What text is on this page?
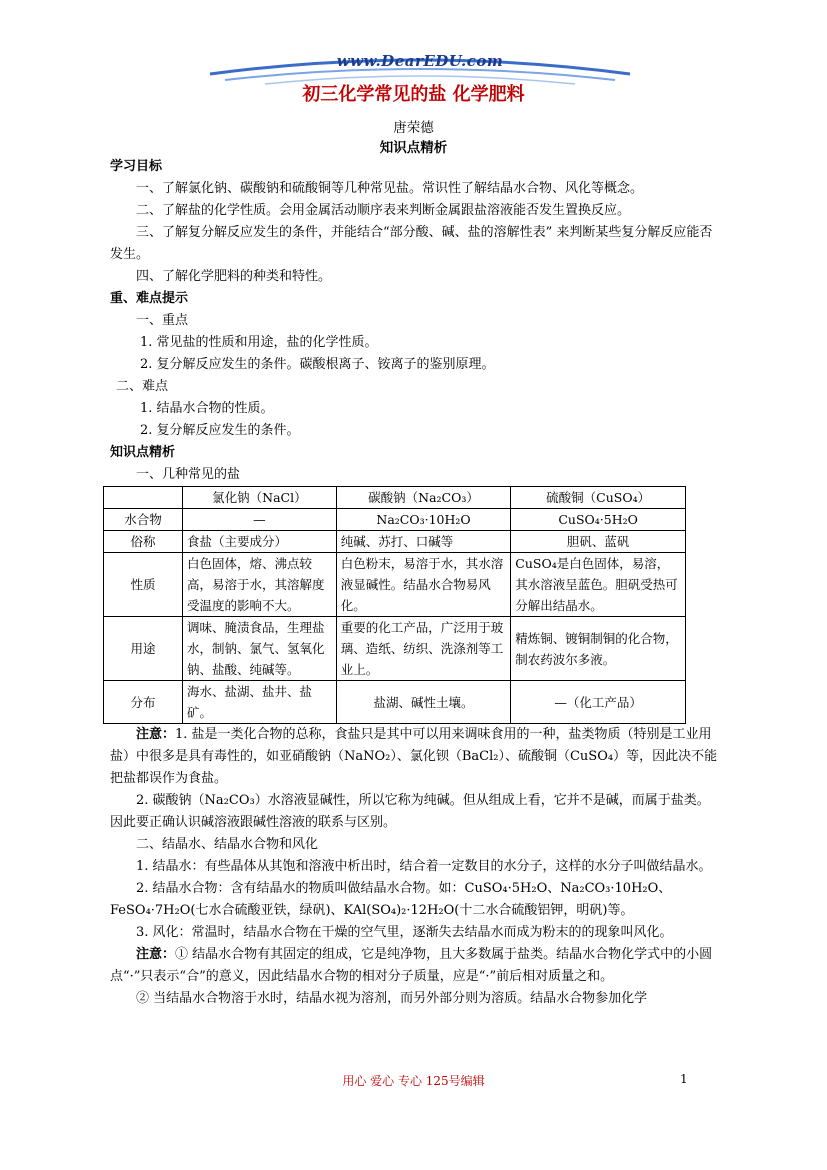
www.DearEDU.com
初三化学常见的盐 化学肥料
唐荣德
知识点精析

学习目标

一、了解氯化钠、碳酸钠和硫酸铜等几种常见盐。常识性了解结晶水合物、风化等概念。

二、了解盐的化学性质。会用金属活动顺序表来判断金属跟盐溶液能否发生置换反应。

三、了解复分解反应发生的条件，并能结合“部分酸、碱、盐的溶解性表” 来判断某些复分解反应能否发生。

四、了解化学肥料的种类和特性。

重、难点提示

一、重点

1. 常见盐的性质和用途，盐的化学性质。

2. 复分解反应发生的条件。碳酸根离子、铵离子的鉴别原理。

二、难点

1. 结晶水合物的性质。

2. 复分解反应发生的条件。

知识点精析

一、几种常见的盐

	氯化钠（NaCl）	碳酸钠（Na₂CO₃）	硫酸铜（CuSO₄）
水合物	—	Na₂CO₃·10H₂O	CuSO₄·5H₂O
俗称	食盐（主要成分）	纯碱、苏打、口碱等	胆矾、蓝矾
性质	白色固体，熔、沸点较高，易溶于水，其溶解度受温度的影响不大。	白色粉末，易溶于水，其水溶液显碱性。结晶水合物易风化。	CuSO₄是白色固体，易溶，其水溶液呈蓝色。胆矾受热可分解出结晶水。
用途	调味、腌渍食品，生理盐水，制钠、氯气、氢氧化钠、盐酸、纯碱等。	重要的化工产品，广泛用于玻璃、造纸、纺织、洗涤剂等工业上。	精炼铜、镀铜制铜的化合物，制农药波尔多液。
分布	海水、盐湖、盐井、盐矿。	盐湖、碱性土壤。	—（化工产品）

注意：1. 盐是一类化合物的总称，食盐只是其中可以用来调味食用的一种，盐类物质（特别是工业用盐）中很多是具有毒性的，如亚硝酸钠（NaNO₂）、氯化钡（BaCl₂）、硫酸铜（CuSO₄）等，因此决不能把盐都误作为食盐。

2. 碳酸钠（Na₂CO₃）水溶液显碱性，所以它称为纯碱。但从组成上看，它并不是碱，而属于盐类。因此要正确认识碱溶液跟碱性溶液的联系与区别。

二、结晶水、结晶水合物和风化

1. 结晶水：有些晶体从其饱和溶液中析出时，结合着一定数目的水分子，这样的水分子叫做结晶水。

2. 结晶水合物：含有结晶水的物质叫做结晶水合物。如：CuSO₄·5H₂O、Na₂CO₃·10H₂O、FeSO₄·7H₂O(七水合硫酸亚铁，绿矾)、KAl(SO₄)₂·12H₂O(十二水合硫酸铝钾，明矾)等。

3. 风化：常温时，结晶水合物在干燥的空气里，逐渐失去结晶水而成为粉末的的现象叫风化。

注意：① 结晶水合物有其固定的组成，它是纯净物，且大多数属于盐类。结晶水合物化学式中的小圆点“·”只表示“合”的意义，因此结晶水合物的相对分子质量，应是“·”前后相对质量之和。

② 当结晶水合物溶于水时，结晶水视为溶剂，而另外部分则为溶质。结晶水合物参加化学

用心 爱心 专心 125号编辑	1
